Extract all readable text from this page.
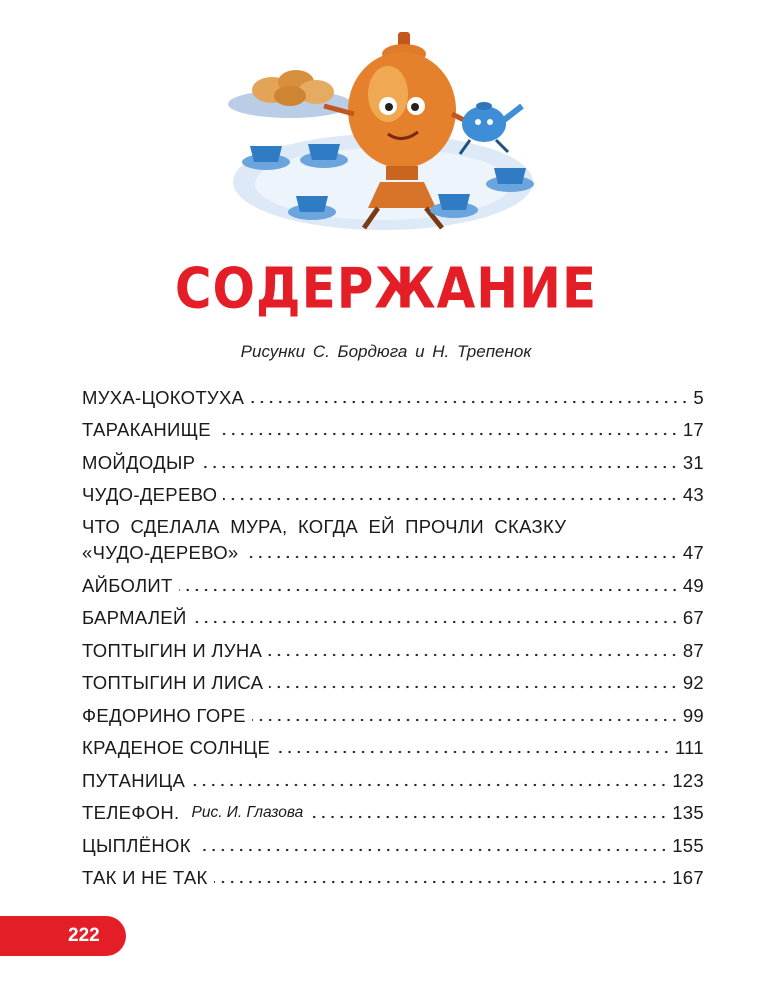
СОДЕРЖАНИЕ
Рисунки С. Бордюга и Н. Трепенок
МУХА-ЦОКОТУХА	5
ТАРАКАНИЩЕ	17
МОЙДОДЫР	31
ЧУДО-ДЕРЕВО	43
ЧТО СДЕЛАЛА МУРА, КОГДА ЕЙ ПРОЧЛИ СКАЗКУ
«ЧУДО-ДЕРЕВО»	47
АЙБОЛИТ	49
БАРМАЛЕЙ	67
ТОПТЫГИН И ЛУНА	87
ТОПТЫГИН И ЛИСА	92
ФЕДОРИНО ГОРЕ	99
КРАДЕНОЕ СОЛНЦЕ	111
ПУТАНИЦА	123
ТЕЛЕФОН. Рис. И. Глазова	135
ЦЫПЛЁНОК	155
ТАК И НЕ ТАК	167
222
